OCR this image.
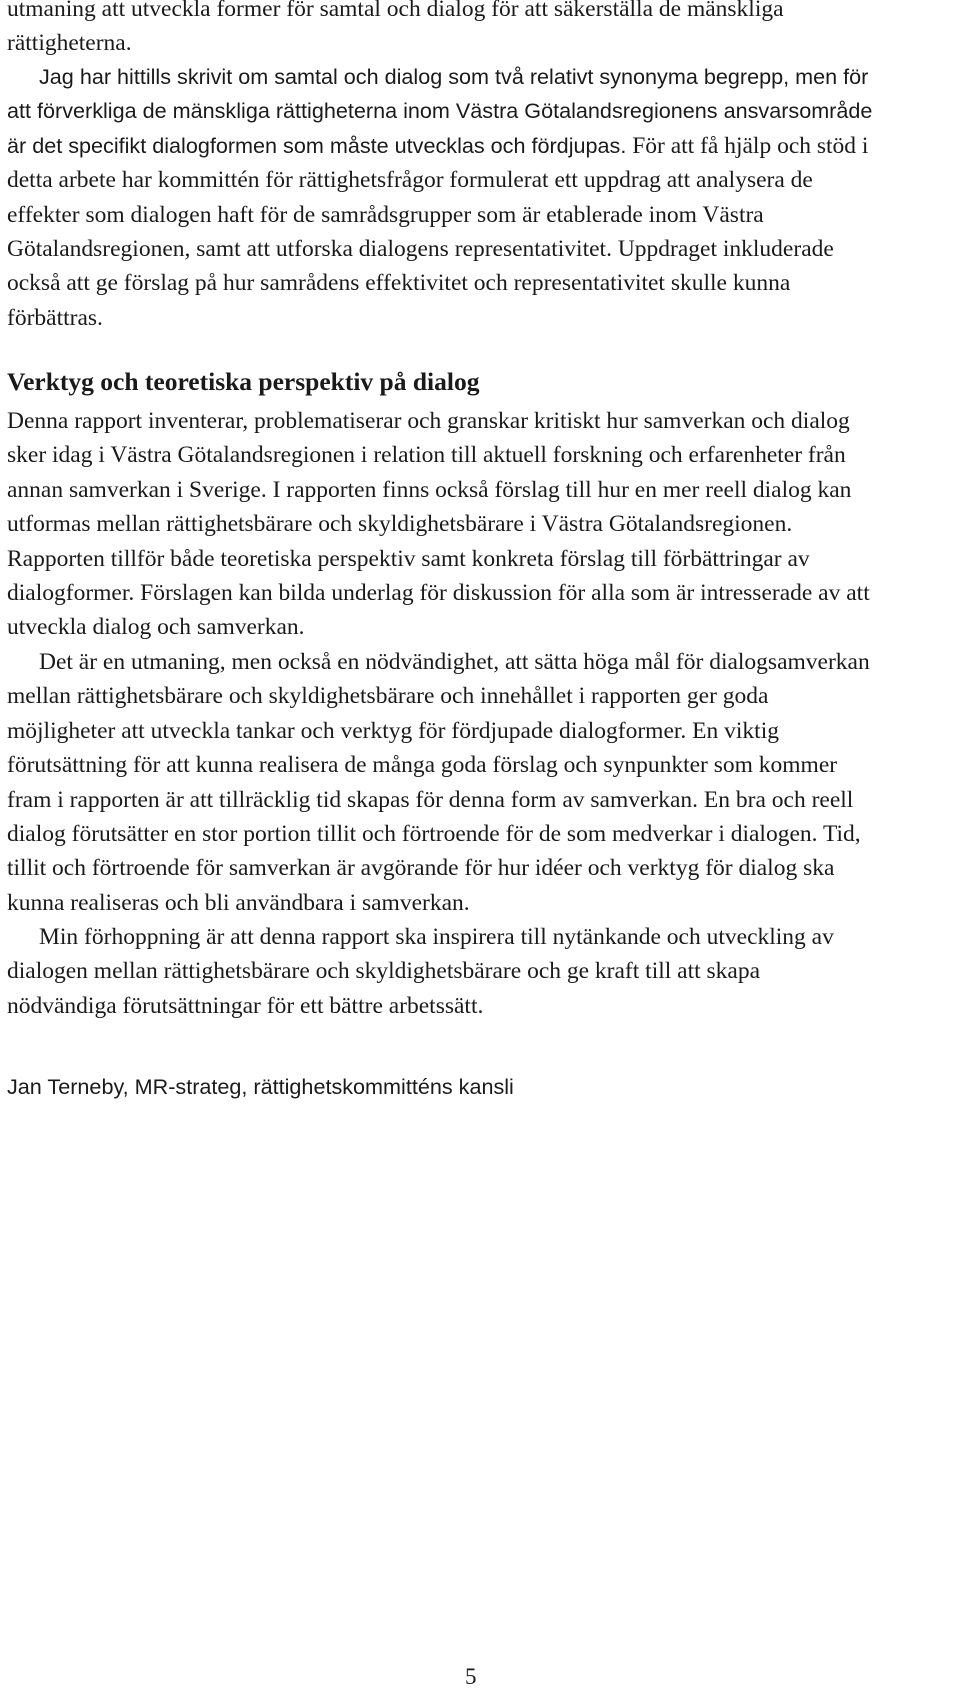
utmaning att utveckla former för samtal och dialog för att säkerställa de mänskliga
rättigheterna.

Jag har hittills skrivit om samtal och dialog som två relativt synonyma begrepp, men för
att förverkliga de mänskliga rättigheterna inom Västra Götalandsregionens ansvarsområde
är det specifikt dialogformen som måste utvecklas och fördjupas. För att få hjälp och stöd i
detta arbete har kommittén för rättighetsfrågor formulerat ett uppdrag att analysera de
effekter som dialogen haft för de samrådsgrupper som är etablerade inom Västra
Götalandsregionen, samt att utforska dialogens representativitet. Uppdraget inkluderade
också att ge förslag på hur samrådens effektivitet och representativitet skulle kunna
förbättras.

Verktyg och teoretiska perspektiv på dialog

Denna rapport inventerar, problematiserar och granskar kritiskt hur samverkan och dialog
sker idag i Västra Götalandsregionen i relation till aktuell forskning och erfarenheter från
annan samverkan i Sverige. I rapporten finns också förslag till hur en mer reell dialog kan
utformas mellan rättighetsbärare och skyldighetsbärare i Västra Götalandsregionen.
Rapporten tillför både teoretiska perspektiv samt konkreta förslag till förbättringar av
dialogformer. Förslagen kan bilda underlag för diskussion för alla som är intresserade av att
utveckla dialog och samverkan.

Det är en utmaning, men också en nödvändighet, att sätta höga mål för dialogsamverkan
mellan rättighetsbärare och skyldighetsbärare och innehållet i rapporten ger goda
möjligheter att utveckla tankar och verktyg för fördjupade dialogformer. En viktig
förutsättning för att kunna realisera de många goda förslag och synpunkter som kommer
fram i rapporten är att tillräcklig tid skapas för denna form av samverkan. En bra och reell
dialog förutsätter en stor portion tillit och förtroende för de som medverkar i dialogen. Tid,
tillit och förtroende för samverkan är avgörande för hur idéer och verktyg för dialog ska
kunna realiseras och bli användbara i samverkan.

Min förhoppning är att denna rapport ska inspirera till nytänkande och utveckling av
dialogen mellan rättighetsbärare och skyldighetsbärare och ge kraft till att skapa
nödvändiga förutsättningar för ett bättre arbetssätt.

Jan Terneby, MR-strateg, rättighetskommitténs kansli

5
